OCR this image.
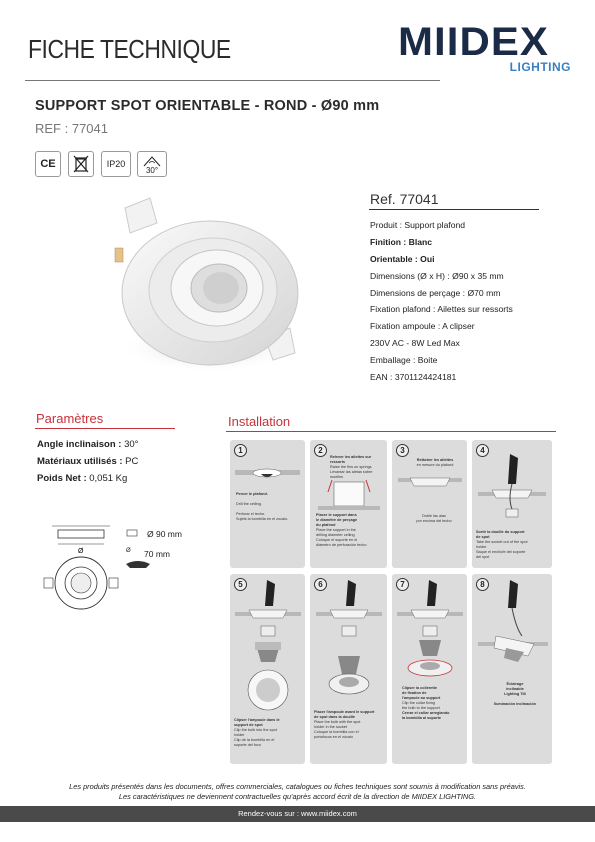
FICHE TECHNIQUE	MIIDEX
LIGHTING
SUPPORT SPOT ORIENTABLE - ROND - Ø90 mm
REF : 77041
CE	IP20
30°
Ref. 77041
Produit : Support plafond
Finition : Blanc
Orientable : Oui
Dimensions (Ø x H) : Ø90 x 35 mm
Dimensions de perçage : Ø70 mm
Fixation plafond : Ailettes sur ressorts
Fixation ampoule : A clipser
230V AC - 8W Led Max
Emballage : Boite
EAN : 3701124424181
Paramètres
Angle inclinaison : 30°
Matériaux utilisés : PC
Poids Net : 0,051 Kg
Ø
Ø 90 mm
Ø 70 mm
Installation
1
Percer le plafond.

Drill the ceiling.

Perforar el techo.
Sujets la bombilla en el zocalo.
2
Relever les ailettes sur ressorts
Raise the fins on springs
Levantar las aletas sobre muelles
Placer le support dans
le diamètre de perçage
du plafond
Place the support in the
drilling diameter ceiling
Coloque el soporte en el
diámetro de perforación techo
3
Relâcher les ailettes
en mesure du plafond
Doble las alas
por encima del techo
4
Sortir la douille du support
de spot
Take the socket out of the spot
holder
Saque el enchufe del soporte
del spot
5
Clipser l'ampoule dans le
support de spot
Clip the bulb into the spot
holder
Clip de la bombilla en el
soporte del foco
6
Placer l'ampoule avant le support
de spot dans la douille
Place the bulb with the spot
holder in the socket
Coloque la bombilla con el
portafocos en el zócalo
7
Clipser la collerette
de fixation de
l'ampoule au support
Clip the collar fixing
the bulb to the support
Cerrar el collar arreglando
la bombilla al soporte
8
Éclairage
inclinable
Lighting Tilt

Iluminación inclinación
Les produits présentés dans les documents, offres commerciales, catalogues ou fiches techniques sont soumis à modification sans préavis.
Les caractéristiques ne deviennent contractuelles qu'après accord écrit de la direction de MIIDEX LIGHTING.
Rendez-vous sur : www.miidex.com
